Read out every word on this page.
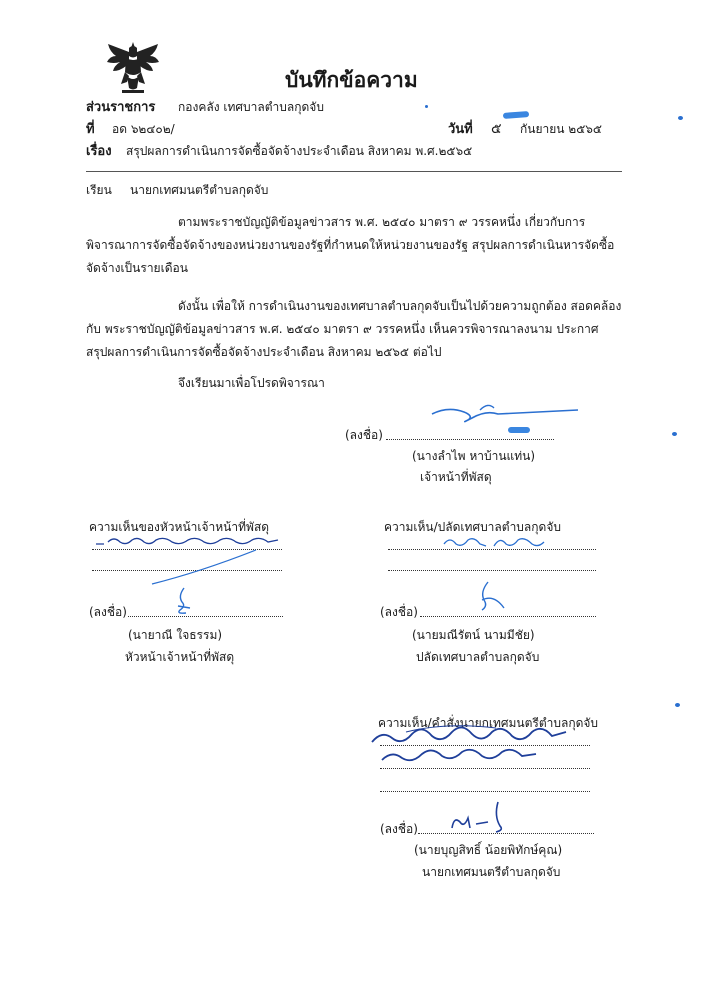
บันทึกข้อความ
ส่วนราชการ กองคลัง เทศบาลตำบลกุดจับ
ที่ อด ๖๒๔๐๒/	วันที่ ๕ กันยายน ๒๕๖๕
เรื่อง สรุปผลการดำเนินการจัดซื้อจัดจ้างประจำเดือน สิงหาคม พ.ศ.๒๕๖๕
เรียน นายกเทศมนตรีตำบลกุดจับ
ตามพระราชบัญญัติข้อมูลข่าวสาร พ.ศ. ๒๕๔๐ มาตรา ๙ วรรคหนึ่ง เกี่ยวกับการ
พิจารณาการจัดซื้อจัดจ้างของหน่วยงานของรัฐที่กำหนดให้หน่วยงานของรัฐ สรุปผลการดำเนินหารจัดซื้อ
จัดจ้างเป็นรายเดือน
ดังนั้น เพื่อให้ การดำเนินงานของเทศบาลตำบลกุดจับเป็นไปด้วยความถูกต้อง สอดคล้อง
กับ พระราชบัญญัติข้อมูลข่าวสาร พ.ศ. ๒๕๔๐ มาตรา ๙ วรรคหนึ่ง เห็นควรพิจารณาลงนาม ประกาศ
สรุปผลการดำเนินการจัดซื้อจัดจ้างประจำเดือน สิงหาคม ๒๕๖๕ ต่อไป
จึงเรียนมาเพื่อโปรดพิจารณา
(ลงชื่อ)
(นางลำไพ หาบ้านแท่น)
เจ้าหน้าที่พัสดุ
ความเห็นของหัวหน้าเจ้าหน้าที่พัสดุ
(ลงชื่อ)
(นายาณี ใจธรรม)
หัวหน้าเจ้าหน้าที่พัสดุ
ความเห็น/ปลัดเทศบาลตำบลกุดจับ
(ลงชื่อ)
(นายมณีรัตน์ นามมีชัย)
ปลัดเทศบาลตำบลกุดจับ
ความเห็น/คำสั่งนายกเทศมนตรีตำบลกุดจับ
(ลงชื่อ)
(นายบุญสิทธิ์ น้อยพิทักษ์คุณ)
นายกเทศมนตรีตำบลกุดจับ
